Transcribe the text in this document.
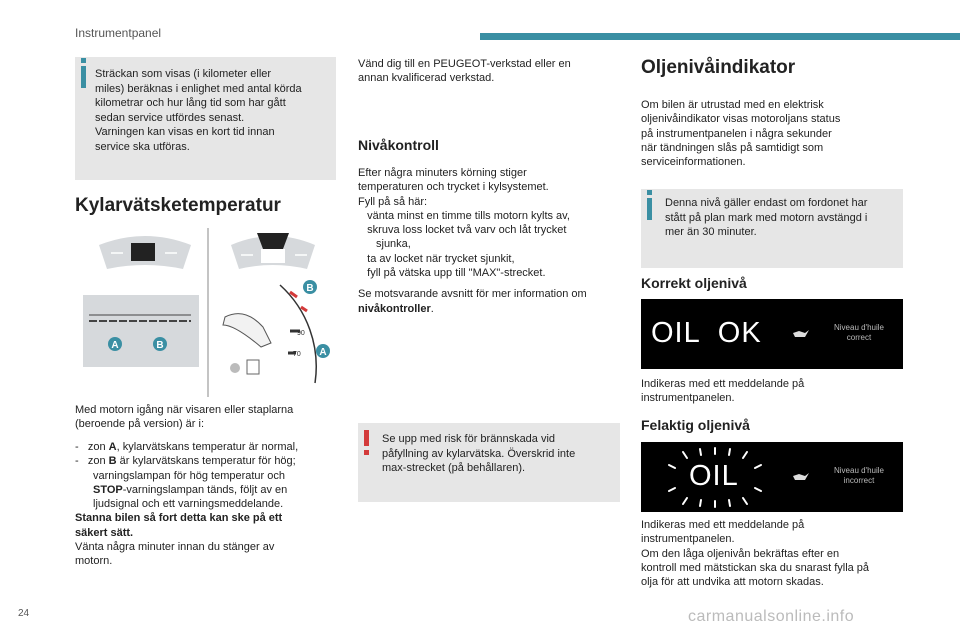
Instrumentpanel
Sträckan som visas (i kilometer eller
miles) beräknas i enlighet med antal körda
kilometrar och hur lång tid som har gått
sedan service utfördes senast.
Varningen kan visas en kort tid innan
service ska utföras.
Kylarvätsketemperatur
A	B
90
70
B
A
Med motorn igång när visaren eller staplarna
(beroende på version) är i:
- zon A, kylarvätskans temperatur är normal,
- zon B är kylarvätskans temperatur för hög;
varningslampan för hög temperatur och
STOP-varningslampan tänds, följt av en
ljudsignal och ett varningsmeddelande.
Stanna bilen så fort detta kan ske på ett
säkert sätt.
Vänta några minuter innan du stänger av
motorn.
Vänd dig till en PEUGEOT-verkstad eller en
annan kvalificerad verkstad.
Nivåkontroll
Efter några minuters körning stiger
temperaturen och trycket i kylsystemet.
Fyll på så här:
vänta minst en timme tills motorn kylts av,
skruva loss locket två varv och låt trycket
sjunka,
ta av locket när trycket sjunkit,
fyll på vätska upp till "MAX"-strecket.
Se motsvarande avsnitt för mer information om
nivåkontroller.
Se upp med risk för brännskada vid
påfyllning av kylarvätska. Överskrid inte
max-strecket (på behållaren).
Oljenivåindikator
Om bilen är utrustad med en elektrisk
oljenivåindikator visas motoroljans status
på instrumentpanelen i några sekunder
när tändningen slås på samtidigt som
serviceinformationen.
Denna nivå gäller endast om fordonet har
stått på plan mark med motorn avstängd i
mer än 30 minuter.
Korrekt oljenivå
OIL  OK	Niveau d'huile
correct
Indikeras med ett meddelande på
instrumentpanelen.
Felaktig oljenivå
OIL	Niveau d'huile
incorrect
Indikeras med ett meddelande på
instrumentpanelen.
Om den låga oljenivån bekräftas efter en
kontroll med mätstickan ska du snarast fylla på
olja för att undvika att motorn skadas.
24	carmanualsonline.info
